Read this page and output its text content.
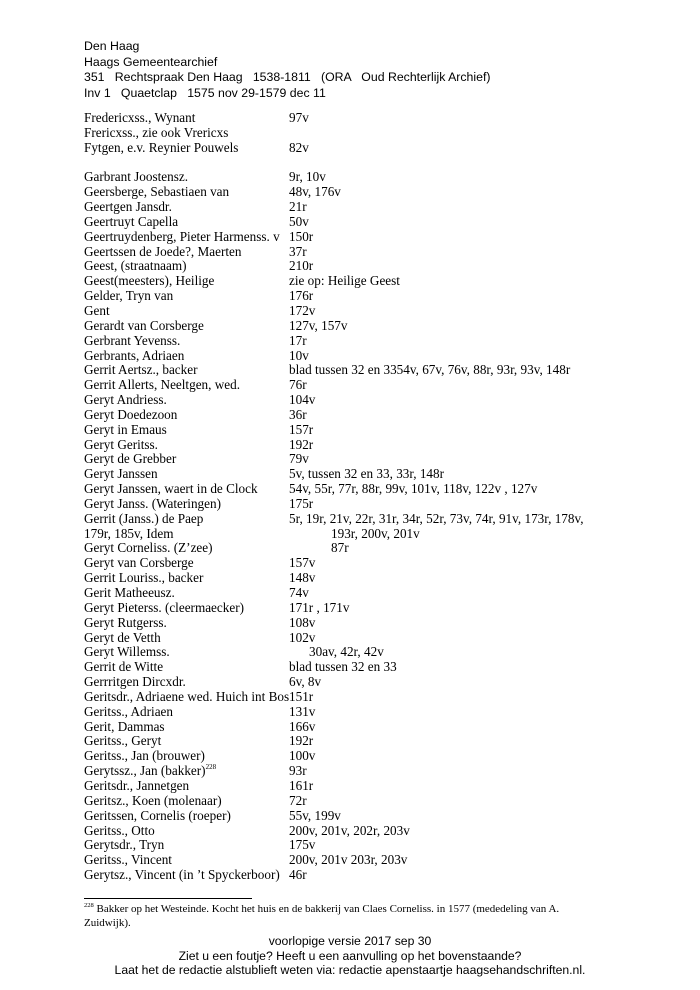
Den Haag
Haags Gemeentearchief
351   Rechtspraak Den Haag   1538-1811   (ORA   Oud Rechterlijk Archief)
Inv 1   Quaetclap   1575 nov 29-1579 dec 11
Fredericxss., Wynant	97v
Frericxss., zie ook Vrericxs
Fytgen, e.v. Reynier Pouwels	82v
Garbrant Joostensz.	9r, 10v
Geersberge, Sebastiaen van	48v, 176v
Geertgen Jansdr.	21r
Geertruyt Capella	50v
Geertruydenberg, Pieter Harmenss. v 150r
Geertssen de Joede?, Maerten	37r
Geest, (straatnaam)	210r
Geest(meesters), Heilige	zie op: Heilige Geest
Gelder, Tryn van	176r
Gent	172v
Gerardt van Corsberge	127v, 157v
Gerbrant Yevenss.	17r
Gerbrants, Adriaen	10v
Gerrit Aertsz., backer	blad tussen 32 en 3354v, 67v, 76v, 88r, 93r, 93v, 148r
Gerrit Allerts, Neeltgen, wed.	76r
Geryt Andriess.	104v
Geryt Doedezoon	36r
Geryt in Emaus	157r
Geryt Geritss.	192r
Geryt de Grebber	79v
Geryt Janssen	5v, tussen 32 en 33, 33r, 148r
Geryt Janssen, waert in de Clock 54v, 55r, 77r, 88r, 99v, 101v, 118v, 122v , 127v
Geryt Janss. (Wateringen)	175r
Gerrit (Janss.) de Paep	5r, 19r, 21v, 22r, 31r, 34r, 52r, 73v, 74r, 91v, 173r, 178v,
179r, 185v, Idem	193r, 200v, 201v
Geryt Corneliss. (Z’zee)	87r
Geryt van Corsberge	157v
Gerrit Louriss., backer	148v
Gerit Matheeusz.	74v
Geryt Pieterss. (cleermaecker)	171r , 171v
Geryt Rutgerss.	108v
Geryt de Vetth	102v
Geryt Willemss.	30av, 42r, 42v
Gerrit de Witte	blad tussen 32 en 33
Gerrritgen Dircxdr.	6v, 8v
Geritsdr., Adriaene wed. Huich int Bos 151r
Geritss., Adriaen	131v
Gerit, Dammas	166v
Geritss., Geryt	192r
Geritss., Jan (brouwer)	100v
Gerytssz., Jan (bakker)$^{228}$	93r
Geritsdr., Jannetgen	161r
Geritsz., Koen (molenaar)	72r
Geritssen, Cornelis (roeper)	55v, 199v
Geritss., Otto	200v, 201v, 202r, 203v
Gerytsdr., Tryn	175v
Geritss., Vincent	200v, 201v 203r, 203v
Gerytsz., Vincent (in ’t Spyckerboor) 46r
$^{228}$ Bakker op het Westeinde. Kocht het huis en de bakkerij van Claes Corneliss. in 1577 (mededeling van A. Zuidwijk).
voorlopige versie 2017 sep 30
Ziet u een foutje? Heeft u een aanvulling op het bovenstaande?
Laat het de redactie alstublieft weten via: redactie apenstaartje haagsehandschriften.nl.
